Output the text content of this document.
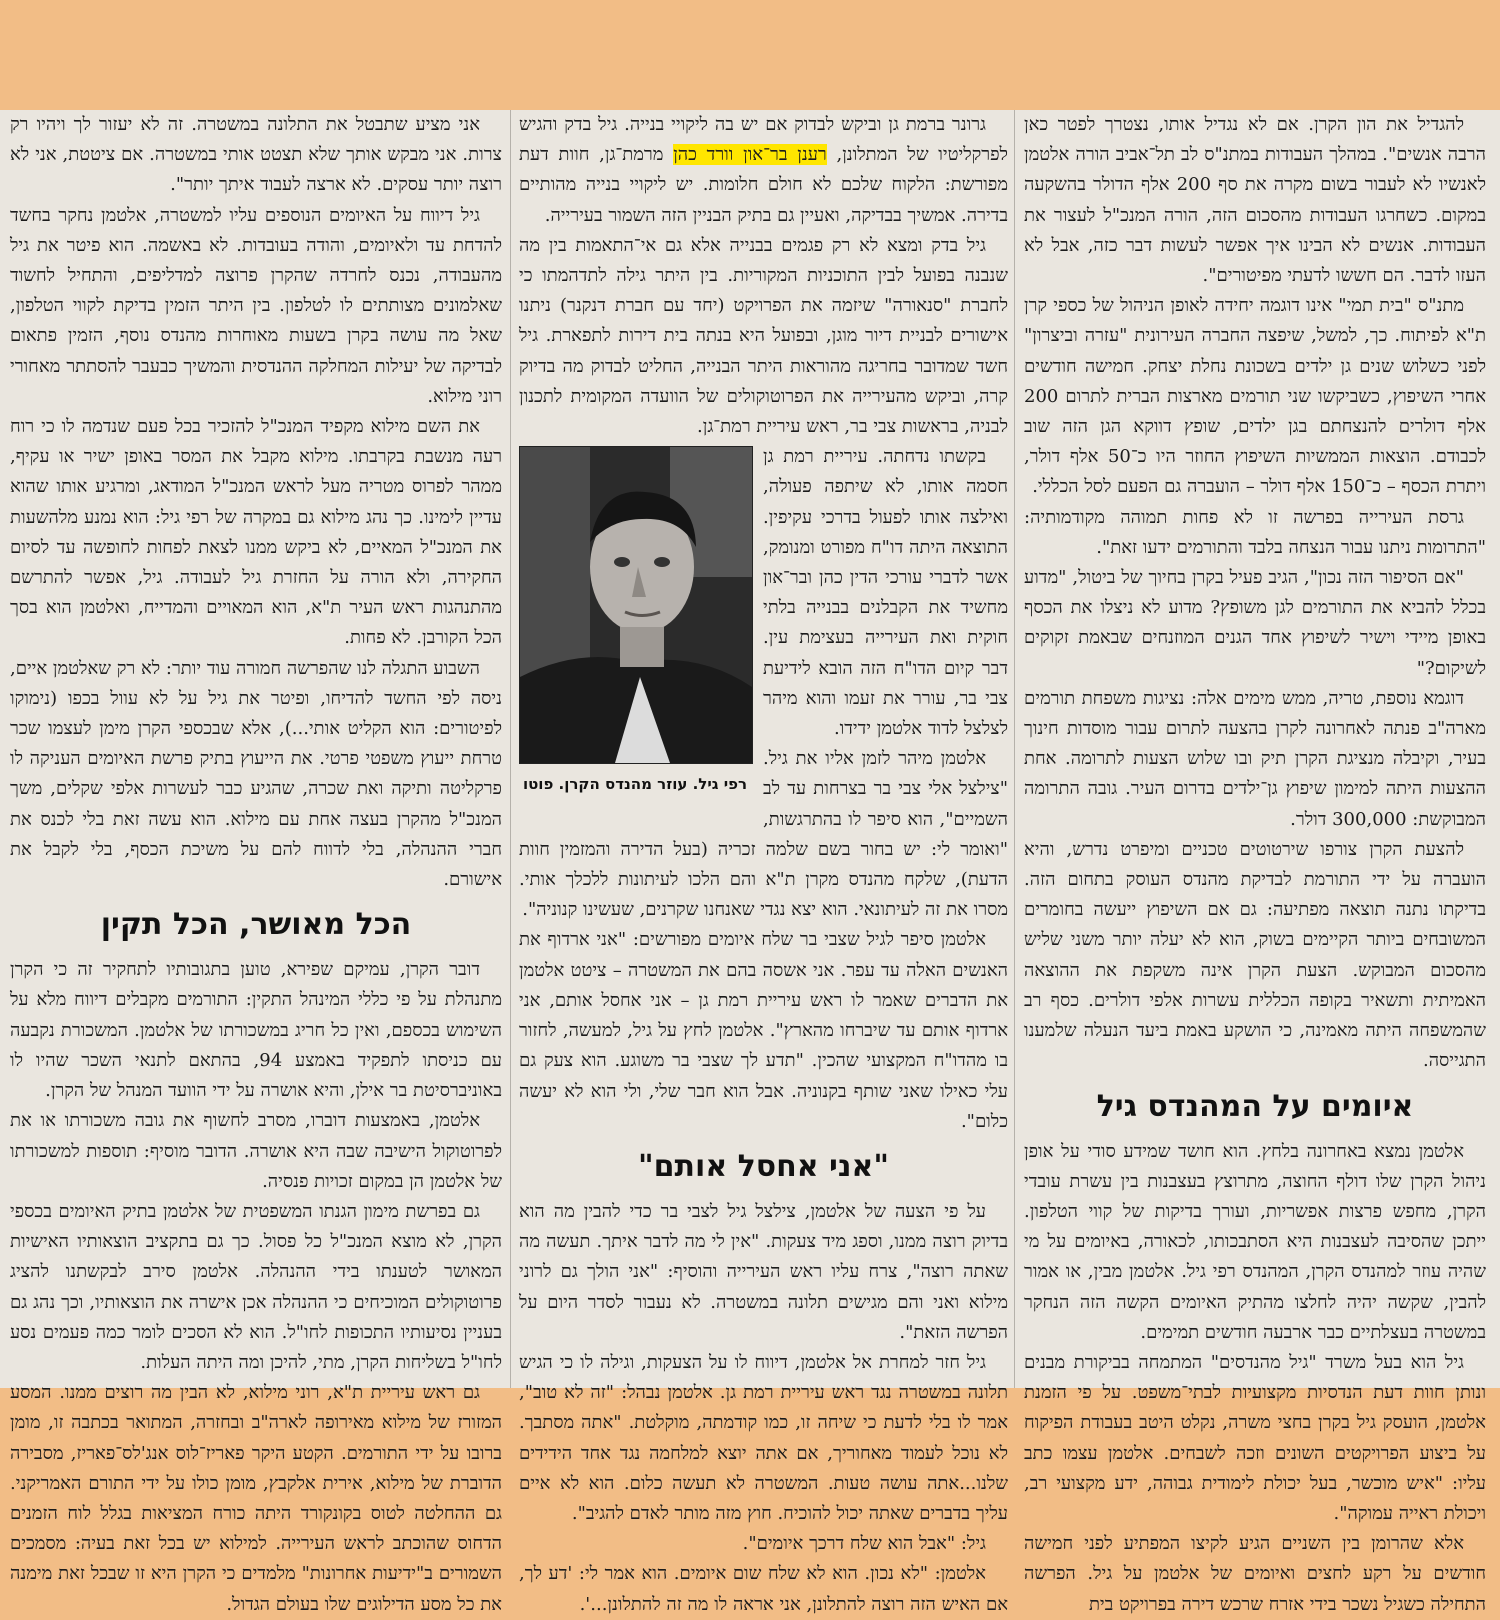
להגדיל את הון הקרן. אם לא נגדיל אותו, נצטרך לפטר כאן הרבה אנשים". במהלך העבודות במתנ"ס לב תל־אביב הורה אלטמן לאנשיו לא לעבור בשום מקרה את סף 200 אלף הדולר בהשקעה במקום. כשחרגו העבודות מהסכום הזה, הורה המנכ"ל לעצור את העבודות. אנשים לא הבינו איך אפשר לעשות דבר כזה, אבל לא העזו לדבר. הם חששו לדעתי מפיטורים".

מתנ"ס "בית תמי" אינו דוגמה יחידה לאופן הניהול של כספי קרן ת"א לפיתוח. כך, למשל, שיפצה החברה העירונית "עזרה וביצרון" לפני כשלוש שנים גן ילדים בשכונת נחלת יצחק. חמישה חודשים אחרי השיפוץ, כשביקשו שני תורמים מארצות הברית לתרום 200 אלף דולרים להנצחתם בגן ילדים, שופץ דווקא הגן הזה שוב לכבודם. הוצאות הממשיות השיפוץ החוזר היו כ־50 אלף דולר, ויתרת הכסף – כ־150 אלף דולר – הועברה גם הפעם לסל הכללי.

גרסת העירייה בפרשה זו לא פחות תמוהה מקודמותיה: "התרומות ניתנו עבור הנצחה בלבד והתורמים ידעו זאת".

"אם הסיפור הזה נכון", הגיב פעיל בקרן בחיוך של ביטול, "מדוע בכלל להביא את התורמים לגן משופץ? מדוע לא ניצלו את הכסף באופן מיידי וישיר לשיפוץ אחד הגנים המוזנחים שבאמת זקוקים לשיקום?"

דוגמא נוספת, טריה, ממש מימים אלה: נציגות משפחת תורמים מארה"ב פנתה לאחרונה לקרן בהצעה לתרום עבור מוסדות חינוך בעיר, וקיבלה מנציגת הקרן תיק ובו שלוש הצעות לתרומה. אחת ההצעות היתה למימון שיפוץ גן־ילדים בדרום העיר. גובה התרומה המבוקשת: 300,000 דולר.

להצעת הקרן צורפו שירטוטים טכניים ומיפרט נדרש, והיא הועברה על ידי התורמת לבדיקת מהנדס העוסק בתחום הזה. בדיקתו נתנה תוצאה מפתיעה: גם אם השיפוץ ייעשה בחומרים המשובחים ביותר הקיימים בשוק, הוא לא יעלה יותר משני שליש מהסכום המבוקש. הצעת הקרן אינה משקפת את ההוצאה האמיתית ותשאיר בקופה הכללית עשרות אלפי דולרים. כסף רב שהמשפחה היתה מאמינה, כי הושקע באמת ביעד הנעלה שלמענו התגייסה.

איומים על המהנדס גיל

אלטמן נמצא באחרונה בלחץ. הוא חושד שמידע סודי על אופן ניהול הקרן שלו דולף החוצה, מתרוצץ בעצבנות בין עשרת עובדי הקרן, מחפש פרצות אפשריות, ועורך בדיקות של קווי הטלפון. ייתכן שהסיבה לעצבנות היא הסתבכותו, לכאורה, באיומים על מי שהיה עוזר למהנדס הקרן, המהנדס רפי גיל. אלטמן מבין, או אמור להבין, שקשה יהיה לחלצו מהתיק האיומים הקשה הזה הנחקר במשטרה בעצלתיים כבר ארבעה חודשים תמימים.

גיל הוא בעל משרד "גיל מהנדסים" המתמחה בביקורת מבנים ונותן חוות דעת הנדסיות מקצועיות לבתי־משפט. על פי הזמנת אלטמן, הועסק גיל בקרן בחצי משרה, נקלט היטב בעבודת הפיקוח על ביצוע הפרויקטים השונים וזכה לשבחים. אלטמן עצמו כתב עליו: "איש מוכשר, בעל יכולת לימודית גבוהה, ידע מקצועי רב, ויכולת ראייה עמוקה".

אלא שהרומן בין השניים הגיע לקיצו המפתיע לפני חמישה חודשים על רקע לחצים ואיומים של אלטמן על גיל. הפרשה התחילה כשגיל נשכר בידי אזרח שרכש דירה בפרויקט בית

גרונר ברמת גן וביקש לבדוק אם יש בה ליקויי בנייה. גיל בדק והגיש לפרקליטיו של המתלונן, רענן בר־און וורד כהן מרמת־גן, חוות דעת מפורשת: הלקוח שלכם לא חולם חלומות. יש ליקויי בנייה מהותיים בדירה. אמשיך בבדיקה, ואעיין גם בתיק הבניין הזה השמור בעירייה.

גיל בדק ומצא לא רק פגמים בבנייה אלא גם אי־התאמות בין מה שנבנה בפועל לבין התוכניות המקוריות. בין היתר גילה לתדהמתו כי לחברת "סנאורה" שיזמה את הפרויקט (יחד עם חברת דנקנר) ניתנו אישורים לבניית דיור מוגן, ובפועל היא בנתה בית דירות לתפארת. גיל חשד שמדובר בחריגה מהוראות היתר הבנייה, החליט לבדוק מה בדיוק קרה, וביקש מהעירייה את הפרוטוקולים של הוועדה המקומית לתכנון לבניה, בראשות צבי בר, ראש עיריית רמת־גן.

רפי גיל. עוזר מהנדס הקרן. פוטו

בקשתו נדחתה. עיריית רמת גן חסמה אותו, לא שיתפה פעולה, ואילצה אותו לפעול בדרכי עקיפין. התוצאה היתה דו"ח מפורט ומנומק, אשר לדברי עורכי הדין כהן ובר־און מחשיד את הקבלנים בבנייה בלתי חוקית ואת העירייה בעצימת עין. דבר קיום הדו"ח הזה הובא לידיעת צבי בר, עורר את זעמו והוא מיהר לצלצל לדוד אלטמן ידידו.

אלטמן מיהר לזמן אליו את גיל. "צילצל אלי צבי בר בצרחות עד לב השמיים", הוא סיפר לו בהתרגשות, "ואומר לי: יש בחור בשם שלמה זכריה (בעל הדירה והמזמין חוות הדעת), שלקח מהנדס מקרן ת"א והם הלכו לעיתונות ללכלך אותי. מסרו את זה לעיתונאי. הוא יצא נגדי שאנחנו שקרנים, שעשינו קנוניה".

אלטמן סיפר לגיל שצבי בר שלח איומים מפורשים: "אני ארדוף את האנשים האלה עד עפר. אני אשסה בהם את המשטרה – ציטט אלטמן את הדברים שאמר לו ראש עיריית רמת גן – אני אחסל אותם, אני ארדוף אותם עד שיברחו מהארץ". אלטמן לחץ על גיל, למעשה, לחזור בו מהדו"ח המקצועי שהכין. "תדע לך שצבי בר משוגע. הוא צעק גם עלי כאילו שאני שותף בקנוניה. אבל הוא חבר שלי, ולי הוא לא יעשה כלום".

"אני אחסל אותם"

על פי הצעה של אלטמן, צילצל גיל לצבי בר כדי להבין מה הוא בדיוק רוצה ממנו, וספג מיד צעקות. "אין לי מה לדבר איתך. תעשה מה שאתה רוצה", צרח עליו ראש העירייה והוסיף: "אני הולך גם לרוני מילוא ואני והם מגישים תלונה במשטרה. לא נעבור לסדר היום על הפרשה הזאת".

גיל חזר למחרת אל אלטמן, דיווח לו על הצעקות, וגילה לו כי הגיש תלונה במשטרה נגד ראש עיריית רמת גן. אלטמן נבהל: "זה לא טוב", אמר לו בלי לדעת כי שיחה זו, כמו קודמתה, מוקלטת. "אתה מסתבך. לא נוכל לעמוד מאחוריך, אם אתה יוצא למלחמה נגד אחד הידידים שלנו...אתה עושה טעות. המשטרה לא תעשה כלום. הוא לא איים עליך בדברים שאתה יכול להוכיח. חוץ מזה מותר לאדם להגיב".

גיל: "אבל הוא שלח דרכך איומים".

אלטמן: "לא נכון. הוא לא שלח שום איומים. הוא אמר לי: 'דע לך, אם האיש הזה רוצה להתלונן, אני אראה לו מה זה להתלונן...'.

אני מציע שתבטל את התלונה במשטרה. זה לא יעזור לך ויהיו רק צרות. אני מבקש אותך שלא תצטט אותי במשטרה. אם ציטטת, אני לא רוצה יותר עסקים. לא ארצה לעבוד איתך יותר".

גיל דיווח על האיומים הנוספים עליו למשטרה, אלטמן נחקר בחשד להדחת עד ולאיומים, והודה בעובדות. לא באשמה. הוא פיטר את גיל מהעבודה, נכנס לחרדה שהקרן פרוצה למדליפים, והתחיל לחשוד שאלמונים מצותתים לו לטלפון. בין היתר הזמין בדיקת לקווי הטלפון, שאל מה עושה בקרן בשעות מאוחרות מהנדס נוסף, הזמין פתאום לבדיקה של יעילות המחלקה ההנדסית והמשיך כבעבר להסתתר מאחורי רוני מילוא.

את השם מילוא מקפיד המנכ"ל להזכיר בכל פעם שנדמה לו כי רוח רעה מנשבת בקרבתו. מילוא מקבל את המסר באופן ישיר או עקיף, ממהר לפרוס מטריה מעל לראש המנכ"ל המודאג, ומרגיע אותו שהוא עדיין לימינו. כך נהג מילוא גם במקרה של רפי גיל: הוא נמנע מלהשעות את המנכ"ל המאיים, לא ביקש ממנו לצאת לפחות לחופשה עד לסיום החקירה, ולא הורה על החזרת גיל לעבודה. גיל, אפשר להתרשם מהתנהגות ראש העיר ת"א, הוא המאויים והמדייח, ואלטמן הוא בסך הכל הקורבן. לא פחות.

השבוע התגלה לנו שהפרשה חמורה עוד יותר: לא רק שאלטמן איים, ניסה לפי החשד להדיחו, ופיטר את גיל על לא עוול בכפו (נימוקו לפיטורים: הוא הקליט אותי...), אלא שבכספי הקרן מימן לעצמו שכר טרחת ייעוץ משפטי פרטי. את הייעוץ בתיק פרשת האיומים העניקה לו פרקליטה ותיקה ואת שכרה, שהגיע כבר לעשרות אלפי שקלים, משך המנכ"ל מהקרן בעצה אחת עם מילוא. הוא עשה זאת בלי לכנס את חברי ההנהלה, בלי לדווח להם על משיכת הכסף, בלי לקבל את אישורם.

הכל מאושר, הכל תקין

דובר הקרן, עמיקם שפירא, טוען בתגובותיו לתחקיר זה כי הקרן מתנהלת על פי כללי המינהל התקין: התורמים מקבלים דיווח מלא על השימוש בכספם, ואין כל חריג במשכורתו של אלטמן. המשכורת נקבעה עם כניסתו לתפקיד באמצע 94, בהתאם לתנאי השכר שהיו לו באוניברסיטת בר אילן, והיא אושרה על ידי הוועד המנהל של הקרן.

אלטמן, באמצעות דוברו, מסרב לחשוף את גובה משכורתו או את לפרוטוקול הישיבה שבה היא אושרה. הדובר מוסיף: תוספות למשכורתו של אלטמן הן במקום זכויות פנסיה.

גם בפרשת מימון הגנתו המשפטית של אלטמן בתיק האיומים בכספי הקרן, לא מוצא המנכ"ל כל פסול. כך גם בתקציב הוצאותיו האישיות המאושר לטענתו בידי ההנהלה. אלטמן סירב לבקשתנו להציג פרוטוקולים המוכיחים כי ההנהלה אכן אישרה את הוצאותיו, וכך נהג גם בעניין נסיעותיו התכופות לחו"ל. הוא לא הסכים לומר כמה פעמים נסע לחו"ל בשליחות הקרן, מתי, להיכן ומה היתה העלות.

גם ראש עיריית ת"א, רוני מילוא, לא הבין מה רוצים ממנו. המסע המזורז של מילוא מאירופה לארה"ב ובחזרה, המתואר בכתבה זו, מומן ברובו על ידי התורמים. הקטע היקר פאריז־לוס אנג'לס־פאריז, מסבירה הדוברת של מילוא, אירית אלקבץ, מומן כולו על ידי התורם האמריקני. גם ההחלטה לטוס בקונקורד היתה כורח המציאות בגלל לוח הזמנים הדחוס שהוכתב לראש העירייה. למילוא יש בכל זאת בעיה: מסמכים השמורים ב"ידיעות אחרונות" מלמדים כי הקרן היא זו שבכל זאת מימנה את כל מסע הדילוגים שלו בעולם הגדול.
